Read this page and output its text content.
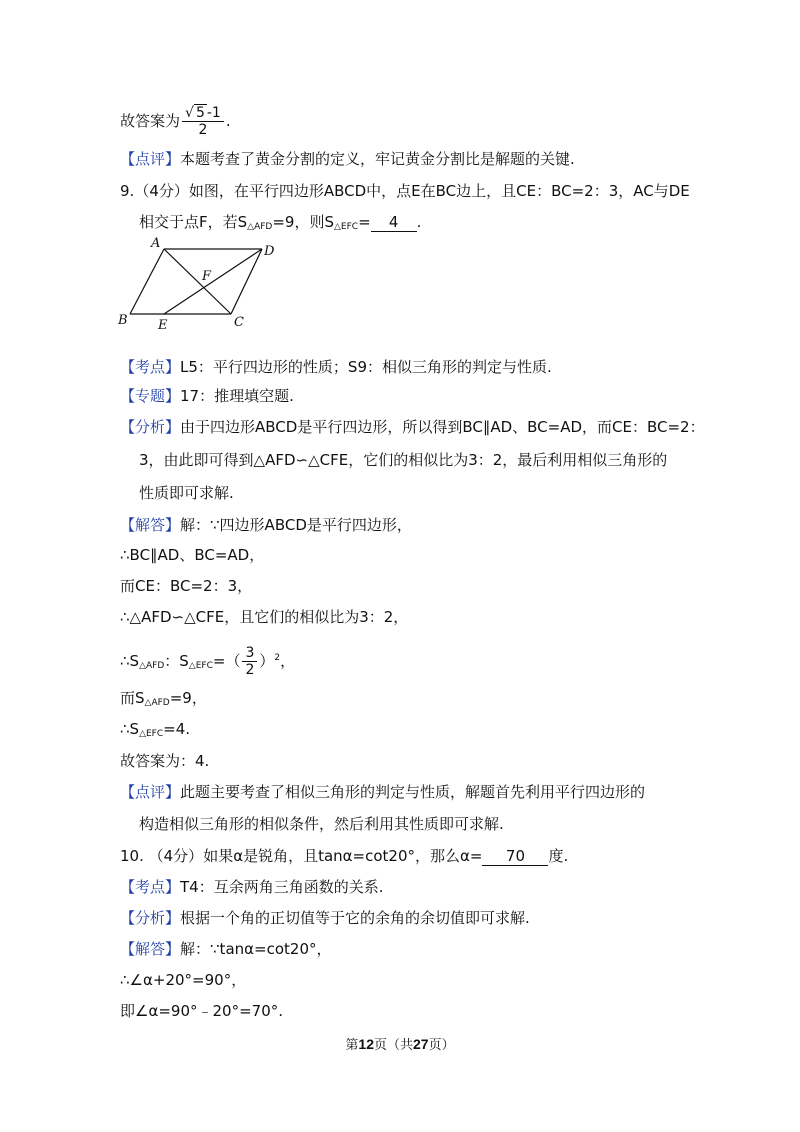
故答案为 $\frac{√ 5 -1}{2}$ .
【点评】本题考查了黄金分割的定义，牢记黄金分割比是解题的关键.
9.（4分）如图，在平行四边形ABCD中，点E在BC边上，且CE：BC=2：3，AC与DE
相交于点F，若$S_{\triangle AFD}=9$，则$S_{\triangle EFC}= 4$ .
A
D
F
B E	C
【考点】L5：平行四边形的性质；S9：相似三角形的判定与性质.
【专题】17：推理填空题.
【分析】由于四边形ABCD是平行四边形，所以得到BC∥AD、BC=AD，而CE：BC=2：
3，由此即可得到△AFD∽△CFE，它们的相似比为3：2，最后利用相似三角形的
性质即可求解.
【解答】解：∵四边形ABCD是平行四边形，
∴BC∥AD、BC=AD，
而CE：BC=2：3，
∴△AFD∽△CFE，且它们的相似比为3：2，
$\therefore S_{\triangle AFD}$：$S_{\triangle EFC}=( \frac{3}{2} )^2$，
而$S_{\triangle AFD}=9$，
$\therefore S_{\triangle EFC}=4$.
故答案为：4.
【点评】此题主要考查了相似三角形的判定与性质，解题首先利用平行四边形的
构造相似三角形的相似条件，然后利用其性质即可求解.
10. （4分）如果α是锐角，且tanα=cot20°，那么α= 70 度.
【考点】T4：互余两角三角函数的关系.
【分析】根据一个角的正切值等于它的余角的余切值即可求解.
【解答】解：∵tanα=cot20°，
∴∠α+20°=90°，
即∠α=90°﹣20°=70°.
第12页（共27页）
